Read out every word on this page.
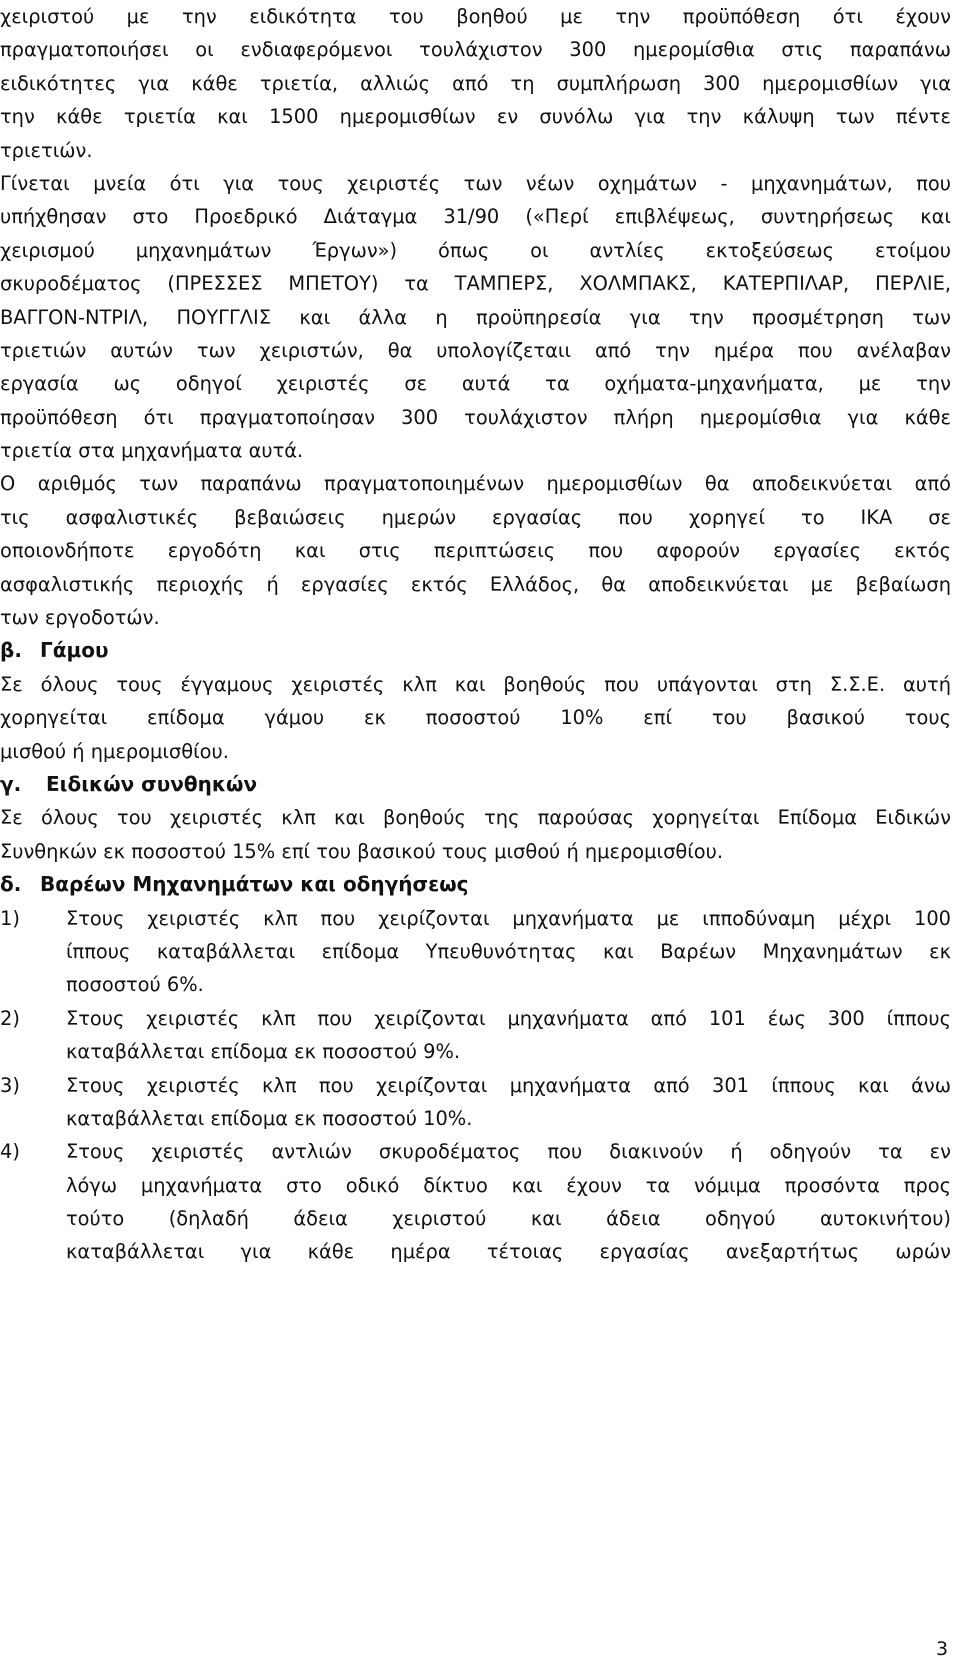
χειριστού με την ειδικότητα του βοηθού με την προϋπόθεση ότι έχουν
πραγματοποιήσει οι ενδιαφερόμενοι τουλάχιστον 300 ημερομίσθια στις παραπάνω
ειδικότητες για κάθε τριετία, αλλιώς από τη συμπλήρωση 300 ημερομισθίων για
την κάθε τριετία και 1500 ημερομισθίων εν συνόλω για την κάλυψη των πέντε
τριετιών.

Γίνεται μνεία ότι για τους χειριστές των νέων οχημάτων - μηχανημάτων, που
υπήχθησαν στο Προεδρικό Διάταγμα 31/90 («Περί επιβλέψεως, συντηρήσεως και
χειρισμού μηχανημάτων Έργων») όπως οι αντλίες εκτοξεύσεως ετοίμου
σκυροδέματος (ΠΡΕΣΣΕΣ ΜΠΕΤΟΥ) τα ΤΑΜΠΕΡΣ, ΧΟΛΜΠΑΚΣ, ΚΑΤΕΡΠΙΛΑΡ, ΠΕΡΛΙΕ,
ΒΑΓΓΟΝ-ΝΤΡΙΛ, ΠΟΥΓΓΛΙΣ και άλλα η προϋπηρεσία για την προσμέτρηση των
τριετιών αυτών των χειριστών, θα υπολογίζεταιι από την ημέρα που ανέλαβαν
εργασία ως οδηγοί χειριστές σε αυτά τα οχήματα-μηχανήματα, με την
προϋπόθεση ότι πραγματοποίησαν 300 τουλάχιστον πλήρη ημερομίσθια για κάθε
τριετία στα μηχανήματα αυτά.

Ο αριθμός των παραπάνω πραγματοποιημένων ημερομισθίων θα αποδεικνύεται από
τις ασφαλιστικές βεβαιώσεις ημερών εργασίας που χορηγεί το ΙΚΑ σε
οποιονδήποτε εργοδότη και στις περιπτώσεις που αφορούν εργασίες εκτός
ασφαλιστικής περιοχής ή εργασίες εκτός Ελλάδος, θα αποδεικνύεται με βεβαίωση
των εργοδοτών.

β. Γάμου

Σε όλους τους έγγαμους χειριστές κλπ και βοηθούς που υπάγονται στη Σ.Σ.Ε. αυτή
χορηγείται επίδομα γάμου εκ ποσοστού 10% επί του βασικού τους
μισθού ή ημερομισθίου.

γ. Ειδικών συνθηκών

Σε όλους του χειριστές κλπ και βοηθούς της παρούσας χορηγείται Επίδομα Ειδικών
Συνθηκών εκ ποσοστού 15% επί του βασικού τους μισθού ή ημερομισθίου.

δ. Βαρέων Μηχανημάτων και οδηγήσεως
1)	Στους χειριστές κλπ που χειρίζονται μηχανήματα με ιπποδύναμη μέχρι 100
ίππους καταβάλλεται επίδομα Υπευθυνότητας και Βαρέων Μηχανημάτων εκ
ποσοστού 6%.
2)	Στους χειριστές κλπ που χειρίζονται μηχανήματα από 101 έως 300 ίππους
καταβάλλεται επίδομα εκ ποσοστού 9%.
3)	Στους χειριστές κλπ που χειρίζονται μηχανήματα από 301 ίππους και άνω
καταβάλλεται επίδομα εκ ποσοστού 10%.
4)	Στους χειριστές αντλιών σκυροδέματος που διακινούν ή οδηγούν τα εν
λόγω μηχανήματα στο οδικό δίκτυο και έχουν τα νόμιμα προσόντα προς
τούτο (δηλαδή άδεια χειριστού και άδεια οδηγού αυτοκινήτου)
καταβάλλεται για κάθε ημέρα τέτοιας εργασίας ανεξαρτήτως ωρών
3
